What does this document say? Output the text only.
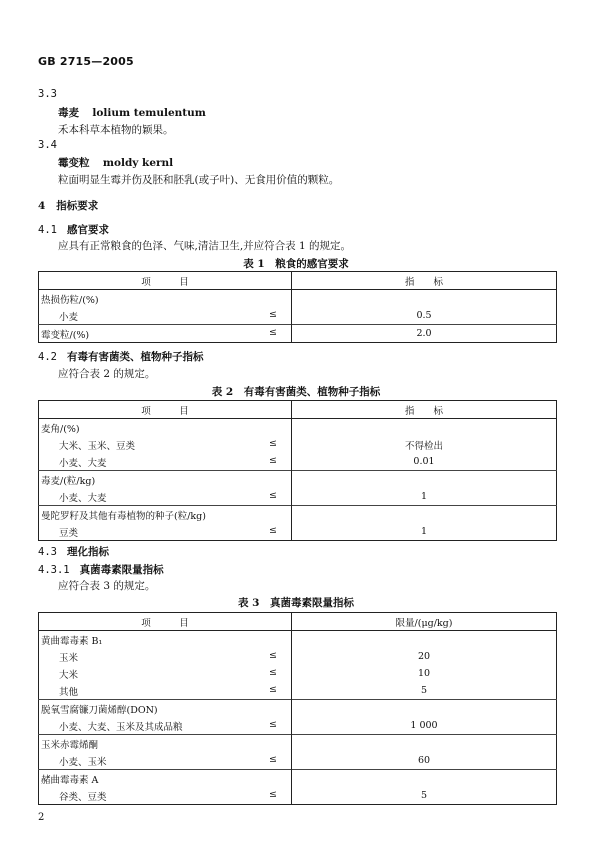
GB 2715—2005
3.3
毒麦 lolium temulentum
禾本科草本植物的颖果。
3.4
霉变粒 moldy kernl
粒面明显生霉并伤及胚和胚乳(或子叶)、无食用价值的颗粒。
4 指标要求
4.1 感官要求
应具有正常粮食的色泽、气味,清洁卫生,并应符合表 1 的规定。
表 1　粮食的感官要求
项　　　目	指　　标
热损伤粒/(%)	
小麦 ≤	0.5
霉变粒/(%) ≤	2.0
4.2 有毒有害菌类、植物种子指标
应符合表 2 的规定。
表 2　有毒有害菌类、植物种子指标
项　　　目	指　　标
麦角/(%)	
大米、玉米、豆类 ≤	不得检出
小麦、大麦 ≤	0.01
毒麦/(粒/kg)	
小麦、大麦 ≤	1
曼陀罗籽及其他有毒植物的种子(粒/kg)	
豆类 ≤	1
4.3 理化指标
4.3.1 真菌毒素限量指标
应符合表 3 的规定。
表 3　真菌毒素限量指标
项　　　目	限量/(μg/kg)
黄曲霉毒素 B₁	
玉米 ≤	20
大米 ≤	10
其他 ≤	5
脱氧雪腐镰刀菌烯醇(DON)	
小麦、大麦、玉米及其成品粮 ≤	1 000
玉米赤霉烯酮	
小麦、玉米 ≤	60
赭曲霉毒素 A	
谷类、豆类 ≤	5
2
